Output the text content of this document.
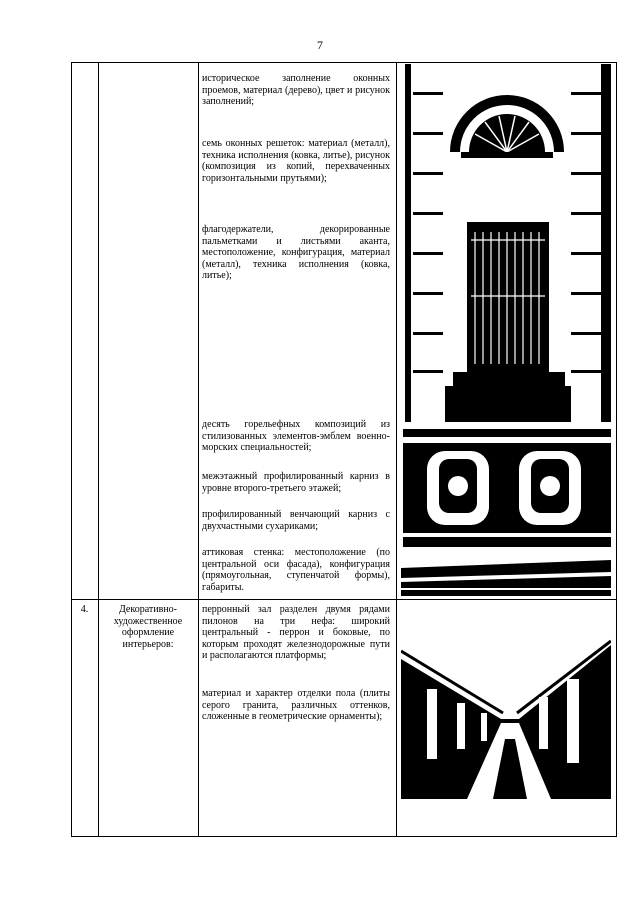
7
историческое заполнение оконных проемов, материал (дерево), цвет и рисунок заполнений;
семь оконных решеток: материал (металл), техника исполнения (ковка, литье), рисунок (композиция из копий, перехваченных горизонтальными прутьями);
флагодержатели, декорированные пальметками и листьями аканта, местоположение, конфигурация, материал (металл), техника исполнения (ковка, литье);
десять горельефных композиций из стилизованных элементов-эмблем военно-морских специальностей;
межэтажный профилированный карниз в уровне второго-третьего этажей;
профилированный венчающий карниз с двухчастными сухариками;
аттиковая стенка: местоположение (по центральной оси фасада), конфигурация (прямоугольная, ступенчатой формы), габариты.
4.	Декоративно-художественное оформление интерьеров:
перронный зал разделен двумя рядами пилонов на три нефа: широкий центральный - перрон и боковые, по которым проходят железнодорожные пути и располагаются платформы;
материал и характер отделки пола (плиты серого гранита, различных оттенков, сложенные в геометрические орнаменты);
